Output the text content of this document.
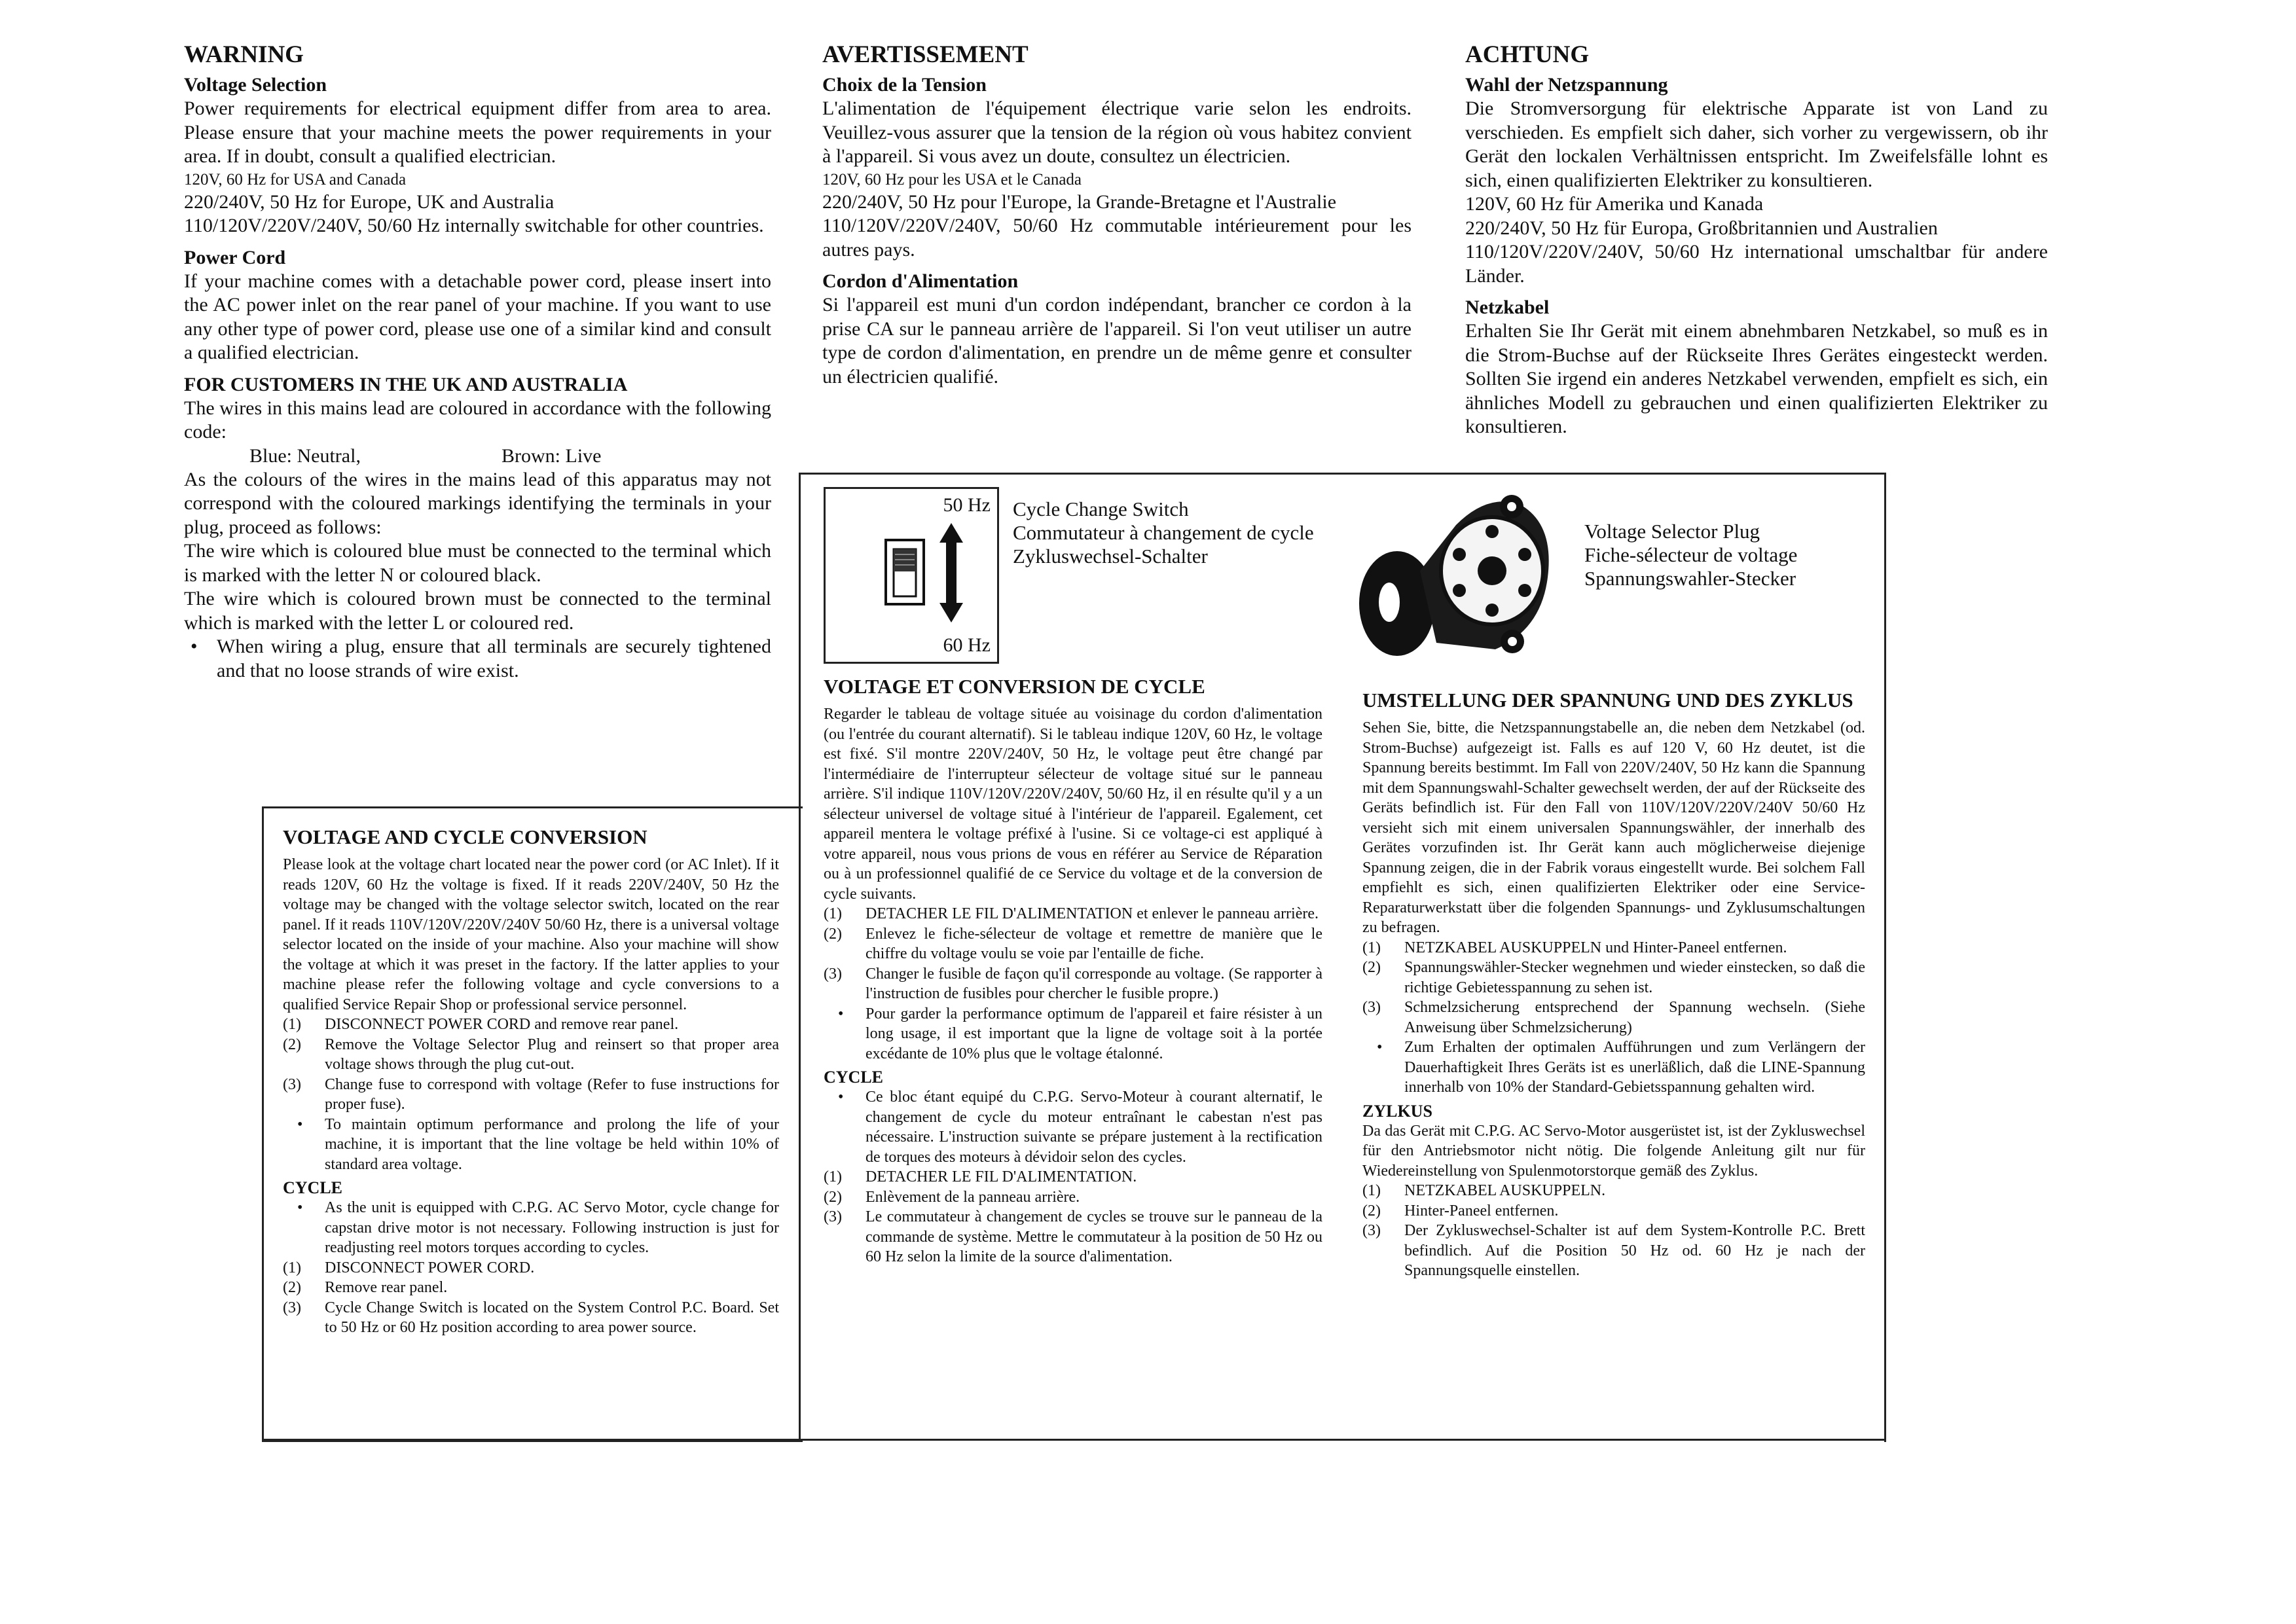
WARNING
Voltage Selection

Power requirements for electrical equipment differ from area to area. Please ensure that your machine meets the power requirements in your area. If in doubt, consult a qualified electrician.

120V, 60 Hz for USA and Canada

220/240V, 50 Hz for Europe, UK and Australia

110/120V/220V/240V, 50/60 Hz internally switchable for other countries.

Power Cord

If your machine comes with a detachable power cord, please insert into the AC power inlet on the rear panel of your machine. If you want to use any other type of power cord, please use one of a similar kind and consult a qualified electrician.

FOR CUSTOMERS IN THE UK AND AUSTRALIA

The wires in this mains lead are coloured in accordance with the following code:

Blue: Neutral,	Brown: Live

As the colours of the wires in the mains lead of this apparatus may not correspond with the coloured markings identifying the terminals in your plug, proceed as follows:

The wire which is coloured blue must be connected to the terminal which is marked with the letter N or coloured black.

The wire which is coloured brown must be connected to the terminal which is marked with the letter L or coloured red.

• When wiring a plug, ensure that all terminals are securely tightened and that no loose strands of wire exist.
AVERTISSEMENT
Choix de la Tension

L'alimentation de l'équipement électrique varie selon les endroits. Veuillez-vous assurer que la tension de la région où vous habitez convient à l'appareil. Si vous avez un doute, consultez un électricien.

120V, 60 Hz pour les USA et le Canada

220/240V, 50 Hz pour l'Europe, la Grande-Bretagne et l'Australie

110/120V/220V/240V, 50/60 Hz commutable intérieurement pour les autres pays.

Cordon d'Alimentation

Si l'appareil est muni d'un cordon indépendant, brancher ce cordon à la prise CA sur le panneau arrière de l'appareil. Si l'on veut utiliser un autre type de cordon d'alimentation, en prendre un de même genre et consulter un électricien qualifié.

ACHTUNG
Wahl der Netzspannung

Die Stromversorgung für elektrische Apparate ist von Land zu verschieden. Es empfielt sich daher, sich vorher zu vergewissern, ob ihr Gerät den lockalen Verhältnissen entspricht. Im Zweifelsfälle lohnt es sich, einen qualifizierten Elektriker zu konsultieren.

120V, 60 Hz für Amerika und Kanada

220/240V, 50 Hz für Europa, Großbritannien und Australien

110/120V/220V/240V, 50/60 Hz international umschaltbar für andere Länder.

Netzkabel

Erhalten Sie Ihr Gerät mit einem abnehmbaren Netzkabel, so muß es in die Strom-Buchse auf der Rückseite Ihres Gerätes eingesteckt werden. Sollten Sie irgend ein anderes Netzkabel verwenden, empfielt es sich, ein ähnliches Modell zu gebrauchen und einen qualifizierten Elektriker zu konsultieren.

50 Hz
60 Hz
Cycle Change Switch
Commutateur à changement de cycle
Zykluswechsel-Schalter
Voltage Selector Plug
Fiche-sélecteur de voltage
Spannungswahler-Stecker
VOLTAGE AND CYCLE CONVERSION

Please look at the voltage chart located near the power cord (or AC Inlet). If it reads 120V, 60 Hz the voltage is fixed. If it reads 220V/240V, 50 Hz the voltage may be changed with the voltage selector switch, located on the rear panel. If it reads 110V/120V/220V/240V 50/60 Hz, there is a universal voltage selector located on the inside of your machine. Also your machine will show the voltage at which it was preset in the factory. If the latter applies to your machine please refer the following voltage and cycle conversions to a qualified Service Repair Shop or professional service personnel.

(1) DISCONNECT POWER CORD and remove rear panel.
(2) Remove the Voltage Selector Plug and reinsert so that proper area voltage shows through the plug cut-out.
(3) Change fuse to correspond with voltage (Refer to fuse instructions for proper fuse).
• To maintain optimum performance and prolong the life of your machine, it is important that the line voltage be held within 10% of standard area voltage.
CYCLE
• As the unit is equipped with C.P.G. AC Servo Motor, cycle change for capstan drive motor is not necessary. Following instruction is just for readjusting reel motors torques according to cycles.
(1) DISCONNECT POWER CORD.
(2) Remove rear panel.
(3) Cycle Change Switch is located on the System Control P.C. Board. Set to 50 Hz or 60 Hz position according to area power source.
VOLTAGE ET CONVERSION DE CYCLE

Regarder le tableau de voltage située au voisinage du cordon d'alimentation (ou l'entrée du courant alternatif). Si le tableau indique 120V, 60 Hz, le voltage est fixé. S'il montre 220V/240V, 50 Hz, le voltage peut être changé par l'intermédiaire de l'interrupteur sélecteur de voltage situé sur le panneau arrière. S'il indique 110V/120V/220V/240V, 50/60 Hz, il en résulte qu'il y a un sélecteur universel de voltage situé à l'intérieur de l'appareil. Egalement, cet appareil mentera le voltage préfixé à l'usine. Si ce voltage-ci est appliqué à votre appareil, nous vous prions de vous en référer au Service de Réparation ou à un professionnel qualifié de ce Service du voltage et de la conversion de cycle suivants.

(1) DETACHER LE FIL D'ALIMENTATION et enlever le panneau arrière.
(2) Enlevez le fiche-sélecteur de voltage et remettre de manière que le chiffre du voltage voulu se voie par l'entaille de fiche.
(3) Changer le fusible de façon qu'il corresponde au voltage. (Se rapporter à l'instruction de fusibles pour chercher le fusible propre.)
• Pour garder la performance optimum de l'appareil et faire résister à un long usage, il est important que la ligne de voltage soit à la portée excédante de 10% plus que le voltage étalonné.
CYCLE
• Ce bloc étant equipé du C.P.G. Servo-Moteur à courant alternatif, le changement de cycle du moteur entraînant le cabestan n'est pas nécessaire. L'instruction suivante se prépare justement à la rectification de torques des moteurs à dévidoir selon des cycles.
(1) DETACHER LE FIL D'ALIMENTATION.
(2) Enlèvement de la panneau arrière.
(3) Le commutateur à changement de cycles se trouve sur le panneau de la commande de système. Mettre le commutateur à la position de 50 Hz ou 60 Hz selon la limite de la source d'alimentation.
UMSTELLUNG DER SPANNUNG UND DES ZYKLUS

Sehen Sie, bitte, die Netzspannungstabelle an, die neben dem Netzkabel (od. Strom-Buchse) aufgezeigt ist. Falls es auf 120 V, 60 Hz deutet, ist die Spannung bereits bestimmt. Im Fall von 220V/240V, 50 Hz kann die Spannung mit dem Spannungswahl-Schalter gewechselt werden, der auf der Rückseite des Geräts befindlich ist. Für den Fall von 110V/120V/220V/240V 50/60 Hz versieht sich mit einem universalen Spannungswähler, der innerhalb des Gerätes vorzufinden ist. Ihr Gerät kann auch möglicherweise diejenige Spannung zeigen, die in der Fabrik voraus eingestellt wurde. Bei solchem Fall empfiehlt es sich, einen qualifizierten Elektriker oder eine Service-Reparaturwerkstatt über die folgenden Spannungs- und Zyklusumschaltungen zu befragen.

(1) NETZKABEL AUSKUPPELN und Hinter-Paneel entfernen.
(2) Spannungswähler-Stecker wegnehmen und wieder einstecken, so daß die richtige Gebietesspannung zu sehen ist.
(3) Schmelzsicherung entsprechend der Spannung wechseln. (Siehe Anweisung über Schmelzsicherung)
• Zum Erhalten der optimalen Aufführungen und zum Verlängern der Dauerhaftigkeit Ihres Geräts ist es unerläßlich, daß die LINE-Spannung innerhalb von 10% der Standard-Gebietsspannung gehalten wird.
ZYLKUS

Da das Gerät mit C.P.G. AC Servo-Motor ausgerüstet ist, ist der Zykluswechsel für den Antriebsmotor nicht nötig. Die folgende Anleitung gilt nur für Wiedereinstellung von Spulenmotorstorque gemäß des Zyklus.

(1) NETZKABEL AUSKUPPELN.
(2) Hinter-Paneel entfernen.
(3) Der Zykluswechsel-Schalter ist auf dem System-Kontrolle P.C. Brett befindlich. Auf die Position 50 Hz od. 60 Hz je nach der Spannungsquelle einstellen.
